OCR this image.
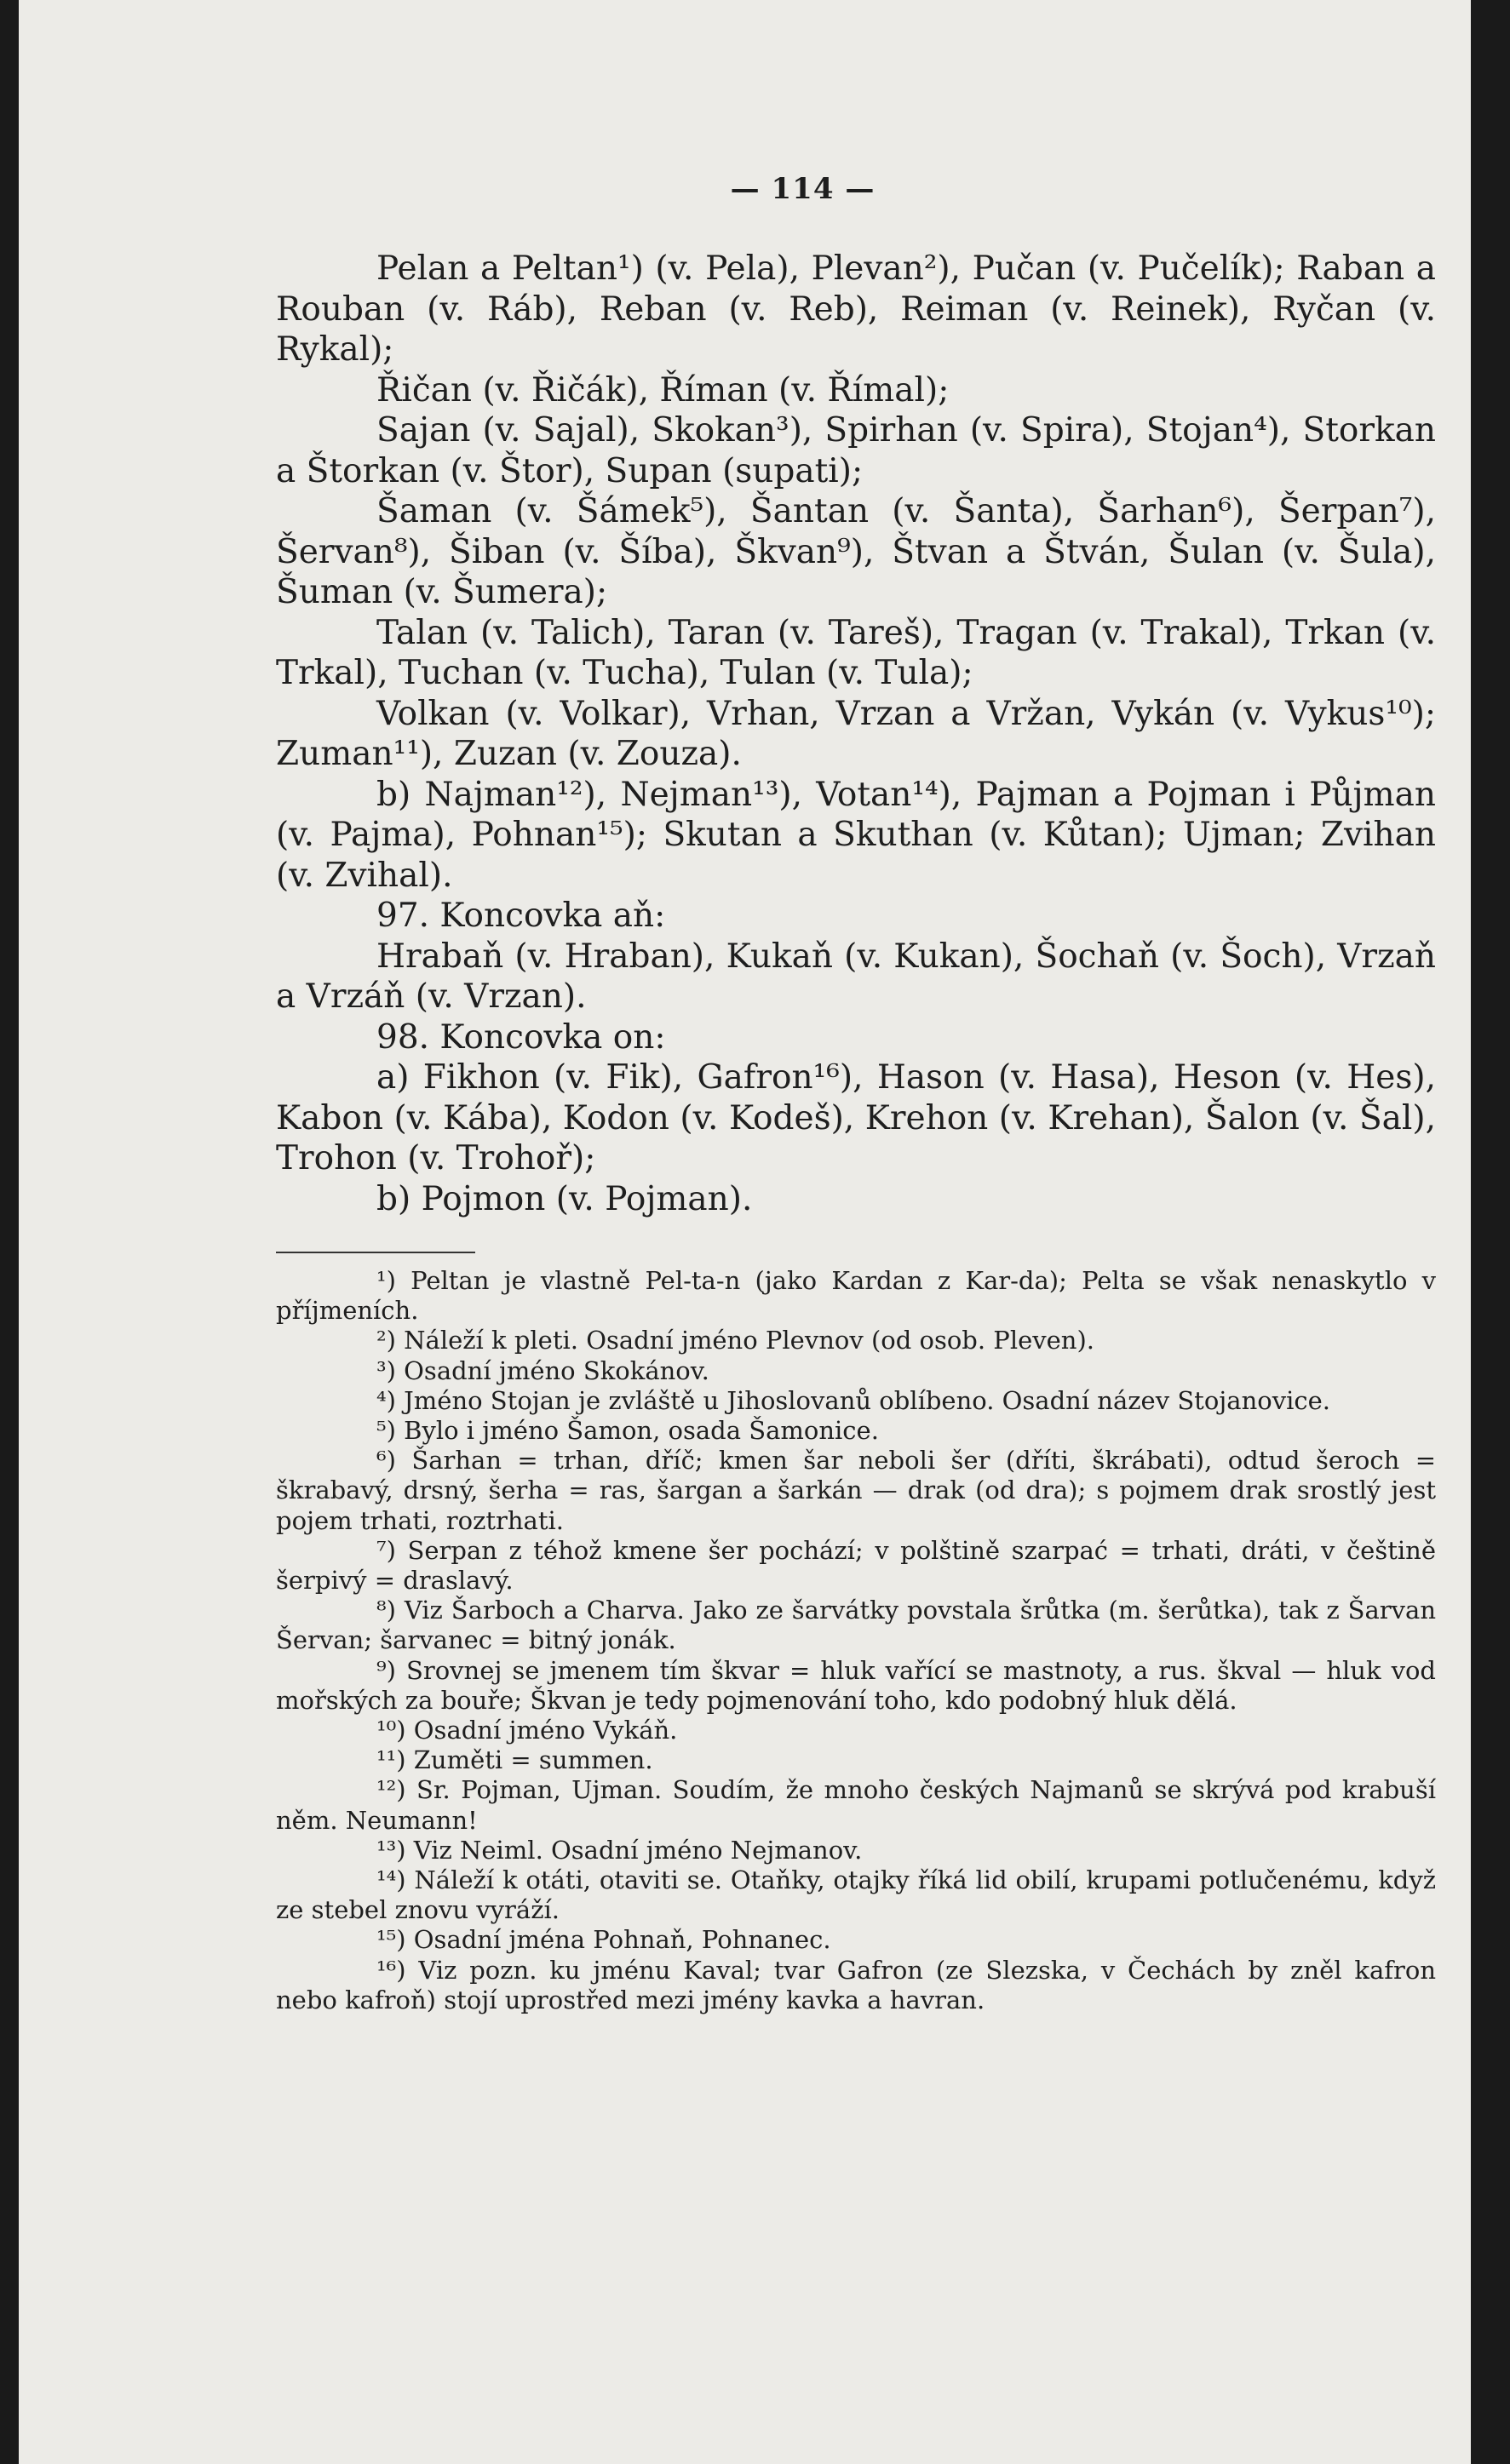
— 114 —

Pelan a Peltan¹) (v. Pela), Plevan²), Pučan (v. Pučelík); Raban a Rouban (v. Ráb), Reban (v. Reb), Reiman (v. Reinek), Ryčan (v. Rykal);

Řičan (v. Řičák), Říman (v. Římal);

Sajan (v. Sajal), Skokan³), Spirhan (v. Spira), Stojan⁴), Storkan a Štorkan (v. Štor), Supan (supati);

Šaman (v. Šámek⁵), Šantan (v. Šanta), Šarhan⁶), Šerpan⁷), Šervan⁸), Šiban (v. Šíba), Škvan⁹), Štvan a Štván, Šulan (v. Šula), Šuman (v. Šumera);

Talan (v. Talich), Taran (v. Tareš), Tragan (v. Trakal), Trkan (v. Trkal), Tuchan (v. Tucha), Tulan (v. Tula);

Volkan (v. Volkar), Vrhan, Vrzan a Vržan, Vykán (v. Vykus¹⁰); Zuman¹¹), Zuzan (v. Zouza).

b) Najman¹²), Nejman¹³), Votan¹⁴), Pajman a Pojman i Půjman (v. Pajma), Pohnan¹⁵); Skutan a Skuthan (v. Kůtan); Ujman; Zvihan (v. Zvihal).

97. Koncovka aň:

Hrabaň (v. Hraban), Kukaň (v. Kukan), Šochaň (v. Šoch), Vrzaň a Vrzáň (v. Vrzan).

98. Koncovka on:

a) Fikhon (v. Fik), Gafron¹⁶), Hason (v. Hasa), Heson (v. Hes), Kabon (v. Kába), Kodon (v. Kodeš), Krehon (v. Krehan), Šalon (v. Šal), Trohon (v. Trohoř);

b) Pojmon (v. Pojman).

¹) Peltan je vlastně Pel-ta-n (jako Kardan z Kar-da); Pelta se však nenaskytlo v příjmeních.

²) Náleží k pleti. Osadní jméno Plevnov (od osob. Pleven).

³) Osadní jméno Skokánov.

⁴) Jméno Stojan je zvláště u Jihoslovanů oblíbeno. Osadní název Stojanovice.

⁵) Bylo i jméno Šamon, osada Šamonice.

⁶) Šarhan = trhan, dříč; kmen šar neboli šer (dříti, škrábati), odtud šeroch = škrabavý, drsný, šerha = ras, šargan a šarkán — drak (od dra); s pojmem drak srostlý jest pojem trhati, roztrhati.

⁷) Serpan z téhož kmene šer pochází; v polštině szarpać = trhati, dráti, v češtině šerpivý = draslavý.

⁸) Viz Šarboch a Charva. Jako ze šarvátky povstala šrůtka (m. šerůtka), tak z Šarvan Šervan; šarvanec = bitný jonák.

⁹) Srovnej se jmenem tím škvar = hluk vařící se mastnoty, a rus. škval — hluk vod mořských za bouře; Škvan je tedy pojmenování toho, kdo podobný hluk dělá.

¹⁰) Osadní jméno Vykáň.

¹¹) Zuměti = summen.

¹²) Sr. Pojman, Ujman. Soudím, že mnoho českých Najmanů se skrývá pod krabuší něm. Neumann!

¹³) Viz Neiml. Osadní jméno Nejmanov.

¹⁴) Náleží k otáti, otaviti se. Otaňky, otajky říká lid obilí, krupami potlučenému, když ze stebel znovu vyráží.

¹⁵) Osadní jména Pohnaň, Pohnanec.

¹⁶) Viz pozn. ku jménu Kaval; tvar Gafron (ze Slezska, v Čechách by zněl kafron nebo kafroň) stojí uprostřed mezi jmény kavka a havran.
